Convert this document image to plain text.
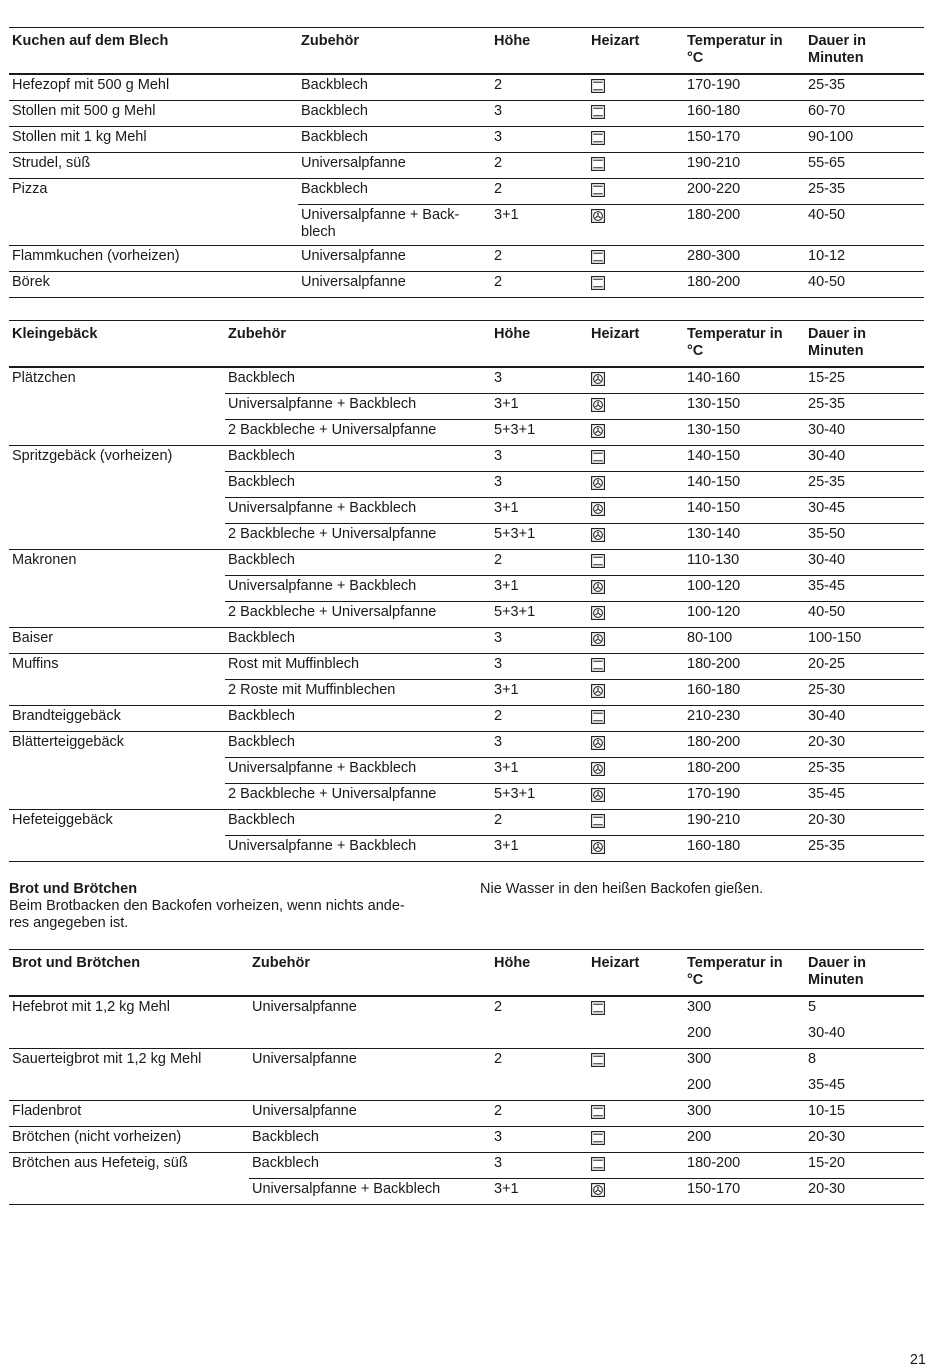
Kuchen auf dem Blech	Zubehör	Höhe	Heizart	Temperatur in °C	Dauer in Minuten
Hefezopf mit 500 g Mehl	Backblech	2		170-190	25-35
Stollen mit 500 g Mehl	Backblech	3		160-180	60-70
Stollen mit 1 kg Mehl	Backblech	3		150-170	90-100
Strudel, süß	Universalpfanne	2		190-210	55-65
Pizza	Backblech	2		200-220	25-35
	Universalpfanne + Back-blech	3+1		180-200	40-50
Flammkuchen (vorheizen)	Universalpfanne	2		280-300	10-12
Börek	Universalpfanne	2		180-200	40-50
Kleingebäck	Zubehör	Höhe	Heizart	Temperatur in °C	Dauer in Minuten
Plätzchen	Backblech	3		140-160	15-25
	Universalpfanne + Backblech	3+1		130-150	25-35
	2 Backbleche + Universalpfanne	5+3+1		130-150	30-40
Spritzgebäck (vorheizen)	Backblech	3		140-150	30-40
	Backblech	3		140-150	25-35
	Universalpfanne + Backblech	3+1		140-150	30-45
	2 Backbleche + Universalpfanne	5+3+1		130-140	35-50
Makronen	Backblech	2		110-130	30-40
	Universalpfanne + Backblech	3+1		100-120	35-45
	2 Backbleche + Universalpfanne	5+3+1		100-120	40-50
Baiser	Backblech	3		80-100	100-150
Muffins	Rost mit Muffinblech	3		180-200	20-25
	2 Roste mit Muffinblechen	3+1		160-180	25-30
Brandteiggebäck	Backblech	2		210-230	30-40
Blätterteiggebäck	Backblech	3		180-200	20-30
	Universalpfanne + Backblech	3+1		180-200	25-35
	2 Backbleche + Universalpfanne	5+3+1		170-190	35-45
Hefeteiggebäck	Backblech	2		190-210	20-30
	Universalpfanne + Backblech	3+1		160-180	25-35
Brot und Brötchen
Beim Brotbacken den Backofen vorheizen, wenn nichts ande-
res angegeben ist.
Nie Wasser in den heißen Backofen gießen.
Brot und Brötchen	Zubehör	Höhe	Heizart	Temperatur in °C	Dauer in Minuten
Hefebrot mit 1,2 kg Mehl	Universalpfanne	2		300	5
				200	30-40
Sauerteigbrot mit 1,2 kg Mehl	Universalpfanne	2		300	8
				200	35-45
Fladenbrot	Universalpfanne	2		300	10-15
Brötchen (nicht vorheizen)	Backblech	3		200	20-30
Brötchen aus Hefeteig, süß	Backblech	3		180-200	15-20
	Universalpfanne + Backblech	3+1		150-170	20-30
21
